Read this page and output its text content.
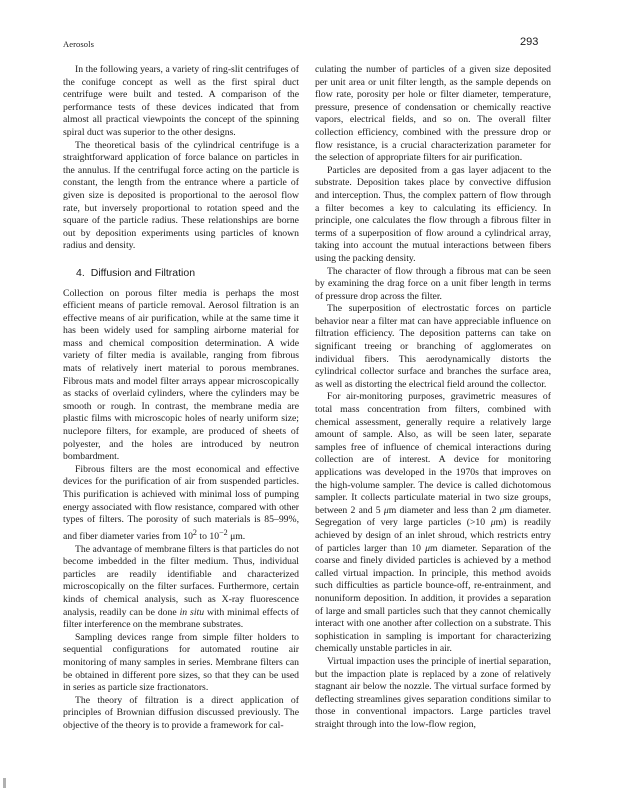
Aerosols	293

In the following years, a variety of ring-slit centrifuges of the conifuge concept as well as the first spiral duct centrifuge were built and tested. A comparison of the performance tests of these devices indicated that from almost all practical viewpoints the concept of the spinning spiral duct was superior to the other designs.

The theoretical basis of the cylindrical centrifuge is a straightforward application of force balance on particles in the annulus. If the centrifugal force acting on the particle is constant, the length from the entrance where a particle of given size is deposited is proportional to the aerosol flow rate, but inversely proportional to rotation speed and the square of the particle radius. These relationships are borne out by deposition experiments using particles of known radius and density.

4. Diffusion and Filtration

Collection on porous filter media is perhaps the most efficient means of particle removal. Aerosol filtration is an effective means of air purification, while at the same time it has been widely used for sampling airborne material for mass and chemical composition determination. A wide variety of filter media is available, ranging from fibrous mats of relatively inert material to porous membranes. Fibrous mats and model filter arrays appear microscopically as stacks of overlaid cylinders, where the cylinders may be smooth or rough. In contrast, the membrane media are plastic films with microscopic holes of nearly uniform size; nuclepore filters, for example, are produced of sheets of polyester, and the holes are introduced by neutron bombardment.

Fibrous filters are the most economical and effective devices for the purification of air from suspended particles. This purification is achieved with minimal loss of pumping energy associated with flow resistance, compared with other types of filters. The porosity of such materials is 85–99%, and fiber diameter varies from $10^2$ to $10^{-2}$ μm.

The advantage of membrane filters is that particles do not become imbedded in the filter medium. Thus, individual particles are readily identifiable and characterized microscopically on the filter surfaces. Furthermore, certain kinds of chemical analysis, such as X-ray fluorescence analysis, readily can be done in situ with minimal effects of filter interference on the membrane substrates.

Sampling devices range from simple filter holders to sequential configurations for automated routine air monitoring of many samples in series. Membrane filters can be obtained in different pore sizes, so that they can be used in series as particle size fractionators.

The theory of filtration is a direct application of principles of Brownian diffusion discussed previously. The objective of the theory is to provide a framework for cal-

culating the number of particles of a given size deposited per unit area or unit filter length, as the sample depends on flow rate, porosity per hole or filter diameter, temperature, pressure, presence of condensation or chemically reactive vapors, electrical fields, and so on. The overall filter collection efficiency, combined with the pressure drop or flow resistance, is a crucial characterization parameter for the selection of appropriate filters for air purification.

Particles are deposited from a gas layer adjacent to the substrate. Deposition takes place by convective diffusion and interception. Thus, the complex pattern of flow through a filter becomes a key to calculating its efficiency. In principle, one calculates the flow through a fibrous filter in terms of a superposition of flow around a cylindrical array, taking into account the mutual interactions between fibers using the packing density.

The character of flow through a fibrous mat can be seen by examining the drag force on a unit fiber length in terms of pressure drop across the filter.

The superposition of electrostatic forces on particle behavior near a filter mat can have appreciable influence on filtration efficiency. The deposition patterns can take on significant treeing or branching of agglomerates on individual fibers. This aerodynamically distorts the cylindrical collector surface and branches the surface area, as well as distorting the electrical field around the collector.

For air-monitoring purposes, gravimetric measures of total mass concentration from filters, combined with chemical assessment, generally require a relatively large amount of sample. Also, as will be seen later, separate samples free of influence of chemical interactions during collection are of interest. A device for monitoring applications was developed in the 1970s that improves on the high-volume sampler. The device is called dichotomous sampler. It collects particulate material in two size groups, between 2 and 5 μm diameter and less than 2 μm diameter. Segregation of very large particles (>10 μm) is readily achieved by design of an inlet shroud, which restricts entry of particles larger than 10 μm diameter. Separation of the coarse and finely divided particles is achieved by a method called virtual impaction. In principle, this method avoids such difficulties as particle bounce-off, re-entrainment, and nonuniform deposition. In addition, it provides a separation of large and small particles such that they cannot chemically interact with one another after collection on a substrate. This sophistication in sampling is important for characterizing chemically unstable particles in air.

Virtual impaction uses the principle of inertial separation, but the impaction plate is replaced by a zone of relatively stagnant air below the nozzle. The virtual surface formed by deflecting streamlines gives separation conditions similar to those in conventional impactors. Large particles travel straight through into the low-flow region,
